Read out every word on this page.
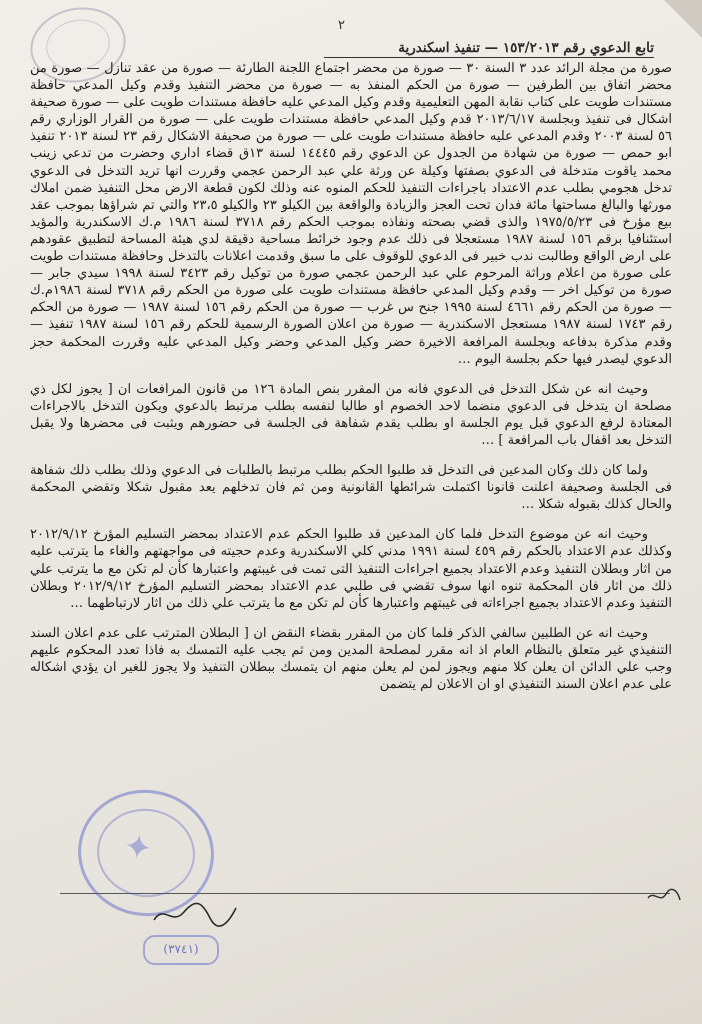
٢
تابع الدعوي رقم ١٥٣/٢٠١٣ — تنفيذ اسكندرية

صورة من مجلة الرائد عدد ٣ السنة ٣٠ — صورة من محضر اجتماع اللجنة الطارئة — صورة من عقد تنازل — صورة من محضر اتفاق بين الطرفين — صورة من الحكم المنفذ به — صورة من محضر التنفيذ وقدم وكيل المدعي حافظة مستندات طويت على كتاب نقابة المهن التعليمية وقدم وكيل المدعي عليه حافظة مستندات طويت على — صورة صحيفة اشكال فى تنفيذ وبجلسة ٢٠١٣/٦/١٧ قدم وكيل المدعي حافظة مستندات طويت على — صورة من القرار الوزاري رقم ٥٦ لسنة ٢٠٠٣ وقدم المدعي عليه حافظة مستندات طويت على — صورة من صحيفة الاشكال رقم ٢٣ لسنة ٢٠١٣ تنفيذ ابو حمص — صورة من شهادة من الجدول عن الدعوي رقم ١٤٤٤٥ لسنة ١٣ق قضاء اداري وحضرت من تدعي زينب محمد ياقوت متدخلة فى الدعوي بصفتها وكيلة عن ورثة علي عبد الرحمن عجمي وقررت انها تريد التدخل فى الدعوي تدخل هجومي بطلب عدم الاعتداد باجراءات التنفيذ للحكم المنوه عنه وذلك لكون قطعة الارض محل التنفيذ ضمن املاك مورثها والبالغ مساحتها مائة فدان تحت العجز والزيادة والواقعة بين الكيلو ٢٣ والكيلو ٢٣،٥ والتي تم شراؤها بموجب عقد بيع مؤرخ فى ١٩٧٥/٥/٢٣ والذى قضي بصحته ونفاذه بموجب الحكم رقم ٣٧١٨ لسنة ١٩٨٦ م.ك الاسكندرية والمؤيد استئنافيا برقم ١٥٦ لسنة ١٩٨٧ مستعجلا فى ذلك عدم وجود خرائط مساحية دقيقة لدي هيئة المساحة لتطبيق عقودهم على ارض الواقع وطالبت ندب خبير فى الدعوي للوقوف على ما سبق وقدمت اعلانات بالتدخل وحافظة مستندات طويت على صورة من اعلام وراثة المرحوم علي عبد الرحمن عجمي صورة من توكيل رقم ٣٤٢٣ لسنة ١٩٩٨ سيدي جابر — صورة من توكيل اخر — وقدم وكيل المدعي حافظة مستندات طويت على صورة من الحكم رقم ٣٧١٨ لسنة ١٩٨٦م.ك — صورة من الحكم رقم ٤٦٦١ لسنة ١٩٩٥ جنح س غرب — صورة من الحكم رقم ١٥٦ لسنة ١٩٨٧ — صورة من الحكم رقم ١٧٤٣ لسنة ١٩٨٧ مستعجل الاسكندرية — صورة من اعلان الصورة الرسمية للحكم رقم ١٥٦ لسنة ١٩٨٧ تنفيذ — وقدم مذكرة بدفاعه وبجلسة المرافعة الاخيرة حضر وكيل المدعي وحضر وكيل المدعي عليه وقررت المحكمة حجز الدعوي ليصدر فيها حكم بجلسة اليوم …

وحيث انه عن شكل التدخل فى الدعوي فانه من المقرر بنص المادة ١٢٦ من قانون المرافعات ان [ يجوز لكل ذي مصلحة ان يتدخل فى الدعوي منضما لاحد الخصوم او طالبا لنفسه بطلب مرتبط بالدعوي ويكون التدخل بالاجراءات المعتادة لرفع الدعوي قبل يوم الجلسة او بطلب يقدم شفاهة فى الجلسة فى حضورهم ويثبت فى محضرها ولا يقبل التدخل بعد اقفال باب المرافعة ] …

ولما كان ذلك وكان المدعين فى التدخل قد طلبوا الحكم بطلب مرتبط بالطلبات فى الدعوي وذلك بطلب ذلك شفاهة فى الجلسة وصحيفة اعلنت قانونا اكتملت شرائطها القانونية ومن ثم فان تدخلهم يعد مقبول شكلا وتقضي المحكمة والحال كذلك بقبوله شكلا …

وحيث انه عن موضوع التدخل فلما كان المدعين قد طلبوا الحكم عدم الاعتداد بمحضر التسليم المؤرخ ٢٠١٢/٩/١٢ وكذلك عدم الاعتداد بالحكم رقم ٤٥٩ لسنة ١٩٩١ مدني كلي الاسكندرية وعدم حجيته فى مواجهتهم والغاء ما يترتب عليه من اثار وبطلان التنفيذ وعدم الاعتداد بجميع اجراءات التنفيذ التى تمت فى غيبتهم واعتبارها كأن لم تكن مع ما يترتب علي ذلك من اثار فان المحكمة تنوه انها سوف تقضي فى طلبي عدم الاعتداد بمحضر التسليم المؤرخ ٢٠١٢/٩/١٢ وبطلان التنفيذ وعدم الاعتداد بجميع اجراءاته فى غيبتهم واعتبارها كأن لم تكن مع ما يترتب علي ذلك من اثار لارتباطهما …

وحيث انه عن الطلبين سالفي الذكر فلما كان من المقرر بقضاء النقض ان [ البطلان المترتب على عدم اعلان السند التنفيذي غير متعلق بالنظام العام اذ انه مقرر لمصلحة المدين ومن ثم يجب عليه التمسك به فاذا تعدد المحكوم عليهم وجب علي الدائن ان يعلن كلا منهم ويجوز لمن لم يعلن منهم ان يتمسك ببطلان التنفيذ ولا يجوز للغير ان يؤدي اشكاله على عدم اعلان السند التنفيذي او ان الاعلان لم يتضمن

✦
(٣٧٤١)
